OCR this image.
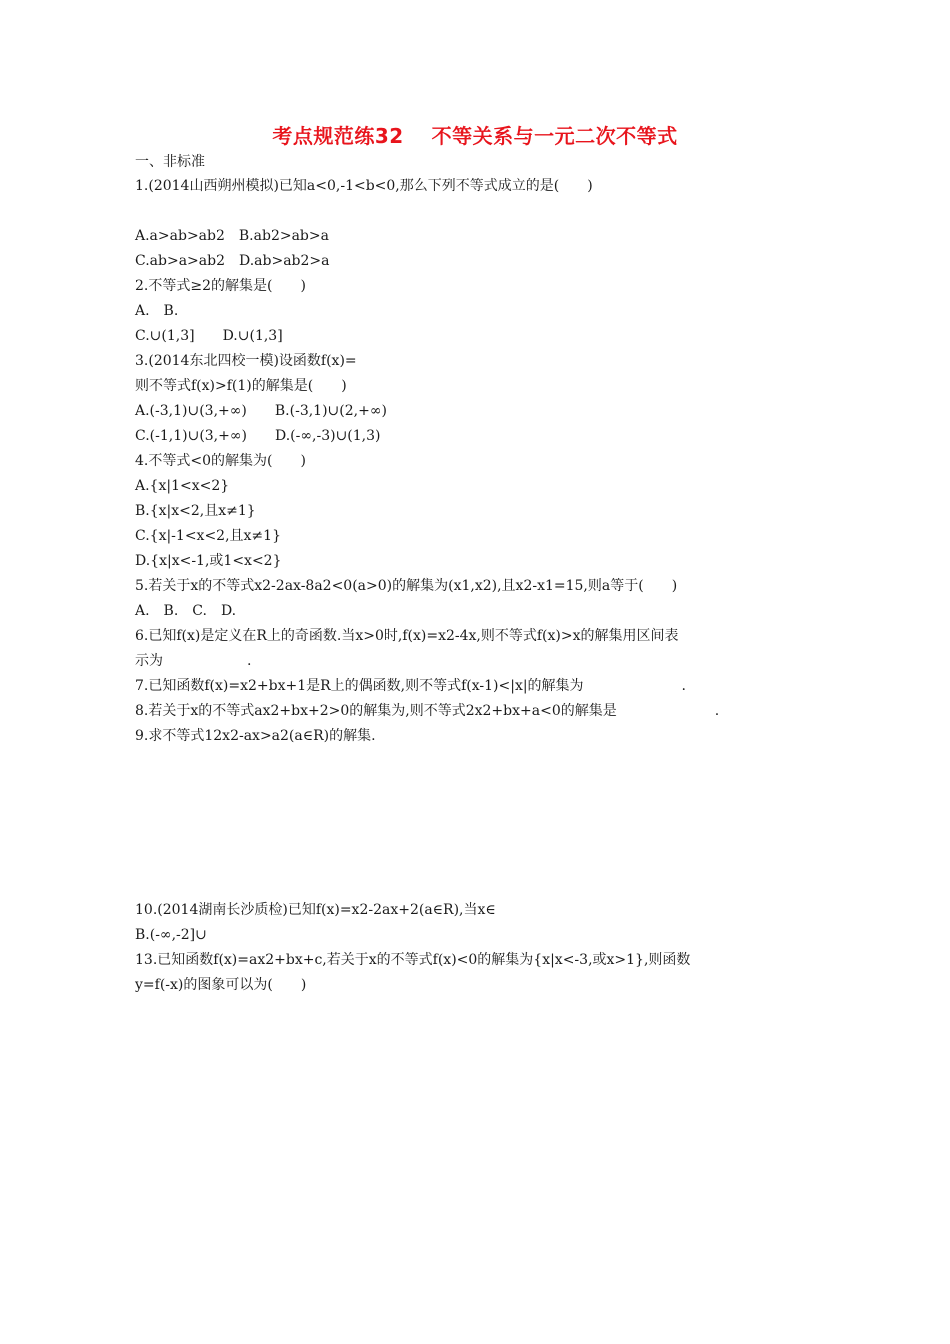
考点规范练32 不等关系与一元二次不等式
一、非标准
1.(2014山西朔州模拟)已知a<0,-1<b<0,那么下列不等式成立的是(　　)
A.a>ab>ab2　B.ab2>ab>a
C.ab>a>ab2　D.ab>ab2>a
2.不等式≥2的解集是(　　)
A.　B.
C.∪(1,3]　　D.∪(1,3]
3.(2014东北四校一模)设函数f(x)=
则不等式f(x)>f(1)的解集是(　　)
A.(-3,1)∪(3,+∞)　　B.(-3,1)∪(2,+∞)
C.(-1,1)∪(3,+∞)　　D.(-∞,-3)∪(1,3)
4.不等式<0的解集为(　　)
A.{x|1<x<2}
B.{x|x<2,且x≠1}
C.{x|-1<x<2,且x≠1}
D.{x|x<-1,或1<x<2}
5.若关于x的不等式x2-2ax-8a2<0(a>0)的解集为(x1,x2),且x2-x1=15,则a等于(　　)
A.　B.　C.　D.
6.已知f(x)是定义在R上的奇函数.当x>0时,f(x)=x2-4x,则不等式f(x)>x的解集用区间表
示为　　　　　　.
7.已知函数f(x)=x2+bx+1是R上的偶函数,则不等式f(x-1)<|x|的解集为　　　　　　　.
8.若关于x的不等式ax2+bx+2>0的解集为,则不等式2x2+bx+a<0的解集是　　　　　　　.
9.求不等式12x2-ax>a2(a∈R)的解集.
10.(2014湖南长沙质检)已知f(x)=x2-2ax+2(a∈R),当x∈
B.(-∞,-2]∪
13.已知函数f(x)=ax2+bx+c,若关于x的不等式f(x)<0的解集为{x|x<-3,或x>1},则函数
y=f(-x)的图象可以为(　　)
